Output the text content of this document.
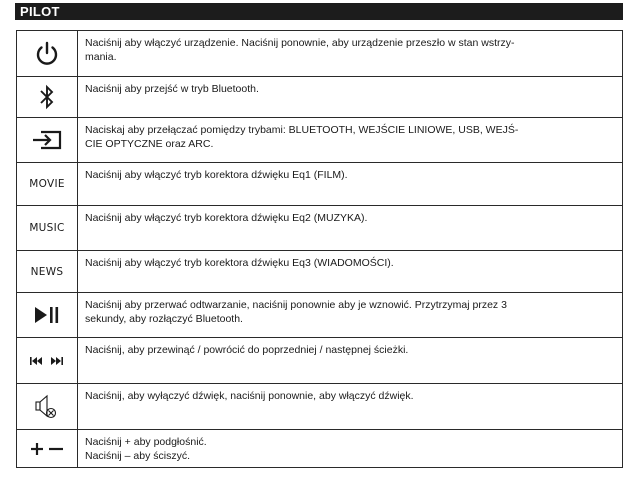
PILOT

Naciśnij aby włączyć urządzenie. Naciśnij ponownie, aby urządzenie przeszło w stan wstrzy-
mania.

Naciśnij aby przejść w tryb Bluetooth.

Naciskaj aby przełączać pomiędzy trybami: BLUETOOTH, WEJŚCIE LINIOWE, USB, WEJŚ-
CIE OPTYCZNE oraz ARC.

MOVIE	Naciśnij aby włączyć tryb korektora dźwięku Eq1 (FILM).

MUSIC	Naciśnij aby włączyć tryb korektora dźwięku Eq2 (MUZYKA).

NEWS	Naciśnij aby włączyć tryb korektora dźwięku Eq3 (WIADOMOŚCI).

Naciśnij aby przerwać odtwarzanie, naciśnij ponownie aby je wznowić. Przytrzymaj przez 3
sekundy, aby rozłączyć Bluetooth.

Naciśnij, aby przewinąć / powrócić do poprzedniej / następnej ścieżki.

Naciśnij, aby wyłączyć dźwięk, naciśnij ponownie, aby włączyć dźwięk.

Naciśnij + aby podgłośnić.
Naciśnij – aby ściszyć.
